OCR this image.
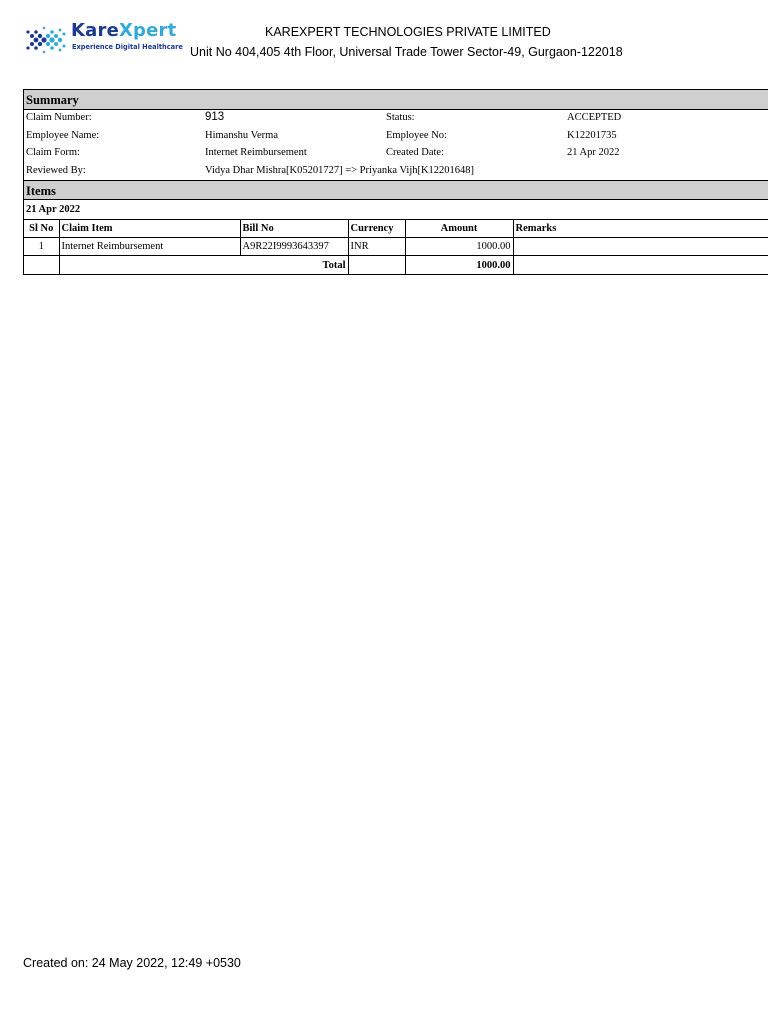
KareXpert
Experience Digital Healthcare
KAREXPERT TECHNOLOGIES PRIVATE LIMITED
Unit No 404,405 4th Floor, Universal Trade Tower Sector-49, Gurgaon-122018
Summary
Claim Number:	913	Status:	ACCEPTED
Employee Name:	Himanshu Verma	Employee No:	K12201735
Claim Form:	Internet Reimbursement	Created Date:	21 Apr 2022
Reviewed By:	Vidya Dhar Mishra[K05201727] => Priyanka Vijh[K12201648]
Items
21 Apr 2022
Sl No	Claim Item	Bill No	Currency	Amount	Remarks
1	Internet Reimbursement	A9R22I9993643397	INR	1000.00	
	Total			1000.00	
Created on: 24 May 2022, 12:49 +0530
